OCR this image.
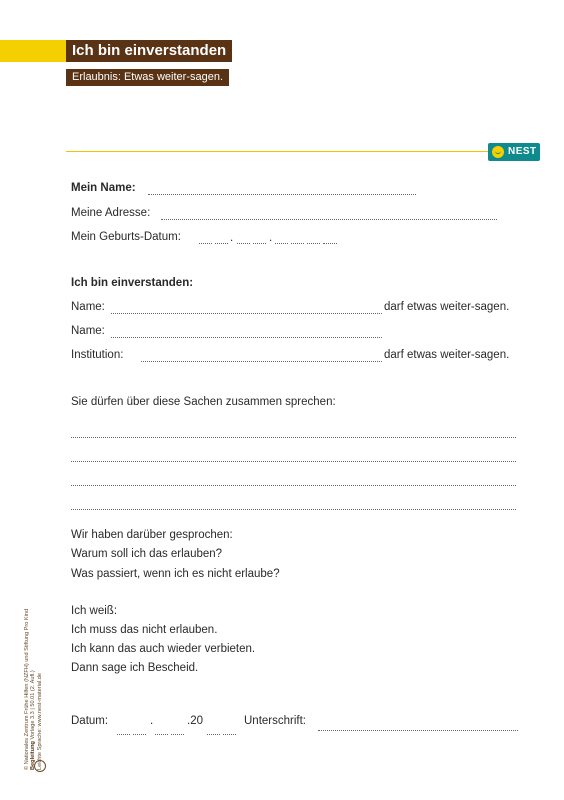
Ich bin einverstanden
Erlaubnis: Etwas weiter-sagen.
NEST
Mein Name:
Meine Adresse:
Mein Geburts-Datum:	.	.
Ich bin einverstanden:
Name:	darf etwas weiter-sagen.
Name:
Institution:	darf etwas weiter-sagen.
Sie dürfen über diese Sachen zusammen sprechen:
Wir haben darüber gesprochen:
Warum soll ich das erlauben?
Was passiert, wenn ich es nicht erlaube?
Ich weiß:
Ich muss das nicht erlauben.
Ich kann das auch wieder verbieten.
Dann sage ich Bescheid.
Datum:	.	.20	Unterschrift:
© Nationales Zentrum Frühe Hilfen (NZFH) und Stiftung Pro Kind Begleitung Vorlage 3.3 | 50.01 (2. Aufl.) Leichte Sprache: www.nest-material.de
